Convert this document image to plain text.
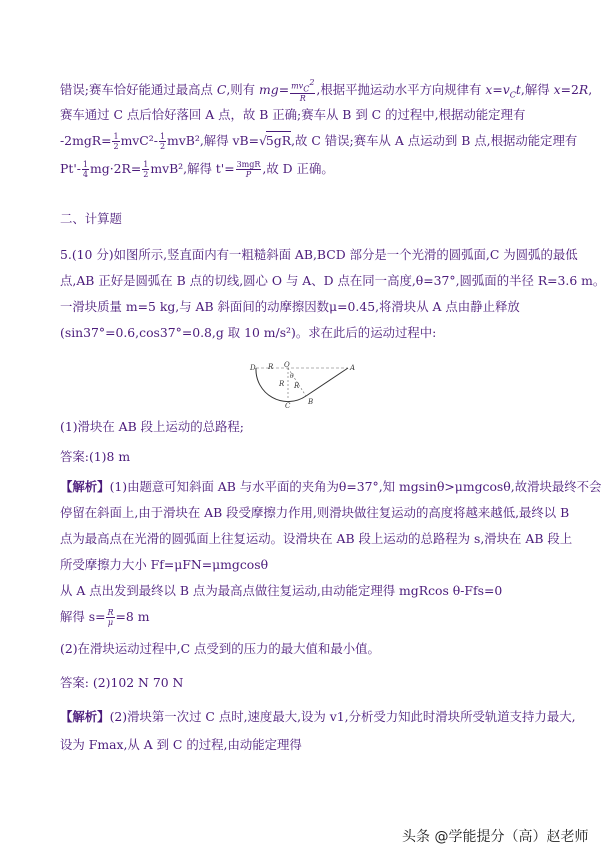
错误;赛车恰好能通过最高点 C,则有 $mg= \frac{mv_C^2}{R}$ ,根据平抛运动水平方向规律有 $x=v_Ct$,解得 x=2R,
赛车通过 C 点后恰好落回 A 点，故 B 正确;赛车从 B 到 C 的过程中,根据动能定理有
$-2mgR= \frac{1}{2} mvC^2- \frac{1}{2} mvB^2$,解得 vB=√5gR,故 C 错误;赛车从 A 点运动到 B 点,根据动能定理有
$Pt'- \frac{1}{4} mg\cdot 2R= \frac{1}{2} mvB^2$,解得 $t'= \frac{\text{3mgR}}{P}$ ,故 D 正确。
二、计算题
5.(10 分)如图所示,竖直面内有一粗糙斜面 AB,BCD 部分是一个光滑的圆弧面,C 为圆弧的最低
点,AB 正好是圆弧在 B 点的切线,圆心 O 与 A、D 点在同一高度,θ=37°,圆弧面的半径 R=3.6 m。
一滑块质量 m=5 kg,与 AB 斜面间的动摩擦因数μ=0.45,将滑块从 A 点由静止释放
(sin37°=0.6,cos37°=0.8,g 取 10 m/s²)。求在此后的运动过程中:
D R O
θ
A
R R
C	B
(1)滑块在 AB 段上运动的总路程;
答案:(1)8 m
【解析】(1)由题意可知斜面 AB 与水平面的夹角为θ=37°,知 mgsinθ>μmgcosθ,故滑块最终不会
停留在斜面上,由于滑块在 AB 段受摩擦力作用,则滑块做往复运动的高度将越来越低,最终以 B
点为最高点在光滑的圆弧面上往复运动。设滑块在 AB 段上运动的总路程为 s,滑块在 AB 段上
所受摩擦力大小 Ff=μFN=μmgcosθ
从 A 点出发到最终以 B 点为最高点做往复运动,由动能定理得 mgRcos θ-Ffs=0
解得 $s= \frac{R}{\mu} =8$ m
(2)在滑块运动过程中,C 点受到的压力的最大值和最小值。
答案: (2)102 N 70 N
【解析】(2)滑块第一次过 C 点时,速度最大,设为 v1,分析受力知此时滑块所受轨道支持力最大,
设为 Fmax,从 A 到 C 的过程,由动能定理得
头条 @学能提分（高）赵老师
